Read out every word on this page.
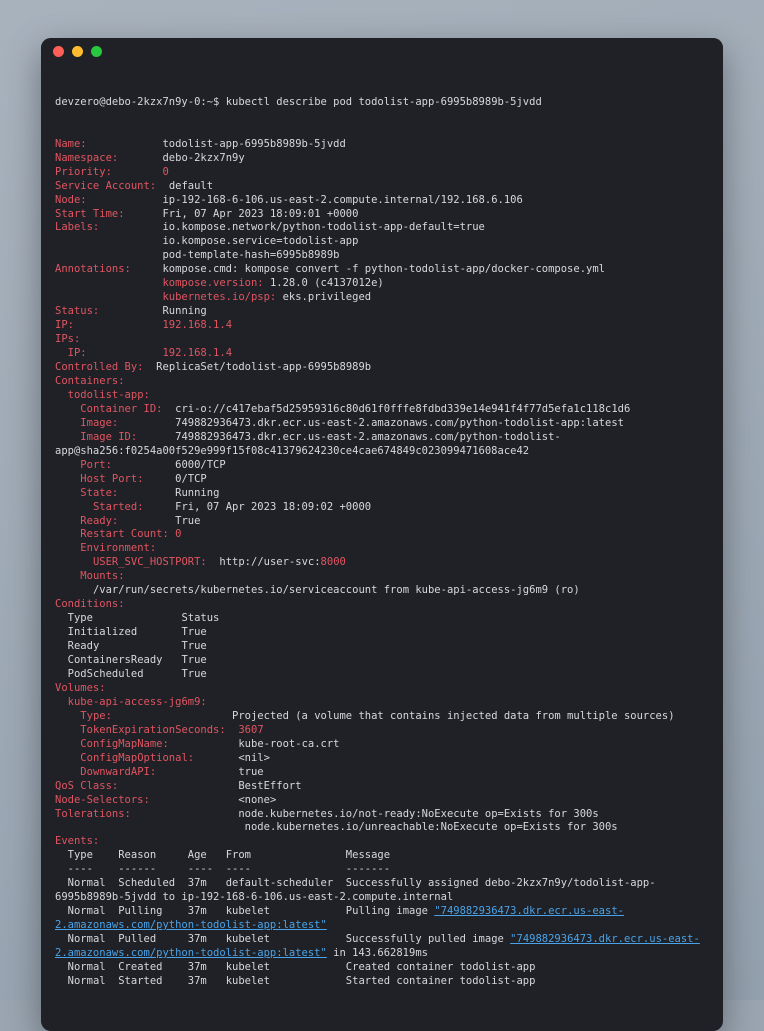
devzero@debo-2kzx7n9y-0:~$ kubectl describe pod todolist-app-6995b8989b-5jvdd

Name:	todolist-app-6995b8989b-5jvdd
Namespace:	debo-2kzx7n9y
Priority:	0
Service Account: default
Node:	ip-192-168-6-106.us-east-2.compute.internal/192.168.6.106
Start Time:	Fri, 07 Apr 2023 18:09:01 +0000
Labels:	io.kompose.network/python-todolist-app-default=true
io.kompose.service=todolist-app
pod-template-hash=6995b8989b
Annotations:	kompose.cmd: kompose convert -f python-todolist-app/docker-compose.yml
kompose.version: 1.28.0 (c4137012e)
kubernetes.io/psp: eks.privileged
Status:	Running
IP:	192.168.1.4
IPs:
IP:	192.168.1.4
Controlled By: ReplicaSet/todolist-app-6995b8989b
Containers:
todolist-app:
Container ID: cri-o://c417ebaf5d25959316c80d61f0fffe8fdbd339e14e941f4f77d5efa1c118c1d6
Image:	749882936473.dkr.ecr.us-east-2.amazonaws.com/python-todolist-app:latest
Image ID:	749882936473.dkr.ecr.us-east-2.amazonaws.com/python-todolist-
app@sha256:f0254a00f529e999f15f08c41379624230ce4cae674849c023099471608ace42
Port:	6000/TCP
Host Port:	0/TCP
State:	Running
Started:	Fri, 07 Apr 2023 18:09:02 +0000
Ready:	True
Restart Count: 0
Environment:
USER_SVC_HOSTPORT: http://user-svc:8000
Mounts:
/var/run/secrets/kubernetes.io/serviceaccount from kube-api-access-jg6m9 (ro)
Conditions:
Type              Status
Initialized       True
Ready             True
ContainersReady   True
PodScheduled      True
Volumes:
kube-api-access-jg6m9:
Type:	Projected (a volume that contains injected data from multiple sources)
TokenExpirationSeconds: 3607
ConfigMapName:	kube-root-ca.crt
ConfigMapOptional:	<nil>
DownwardAPI:	true
QoS Class:	BestEffort
Node-Selectors:	<none>
Tolerations:	node.kubernetes.io/not-ready:NoExecute op=Exists for 300s
node.kubernetes.io/unreachable:NoExecute op=Exists for 300s
Events:
Type    Reason     Age   From               Message
----    ------     ----  ----               -------
Normal  Scheduled  37m   default-scheduler  Successfully assigned debo-2kzx7n9y/todolist-app-
6995b8989b-5jvdd to ip-192-168-6-106.us-east-2.compute.internal
Normal  Pulling    37m   kubelet            Pulling image "749882936473.dkr.ecr.us-east-
2.amazonaws.com/python-todolist-app:latest"
Normal  Pulled     37m   kubelet            Successfully pulled image "749882936473.dkr.ecr.us-east-
2.amazonaws.com/python-todolist-app:latest" in 143.662819ms
Normal  Created    37m   kubelet            Created container todolist-app
Normal  Started    37m   kubelet            Started container todolist-app
